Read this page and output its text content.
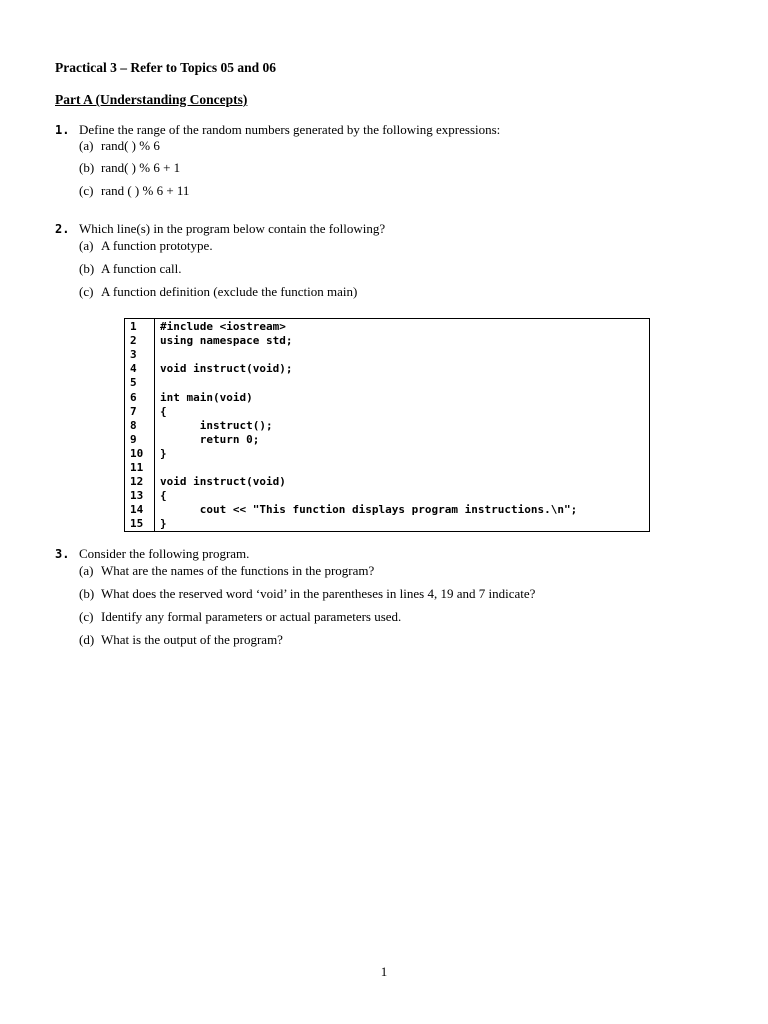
Practical 3 – Refer to Topics 05 and 06
Part A (Understanding Concepts)
1. Define the range of the random numbers generated by the following expressions:
(a) rand( ) % 6
(b) rand( ) % 6 + 1
(c) rand ( ) % 6 + 11
2. Which line(s) in the program below contain the following?
(a) A function prototype.
(b) A function call.
(c) A function definition (exclude the function main)
1 #include <iostream>
2 using namespace std;
3
4 void instruct(void);
5
6 int main(void)
7 {
8 instruct();
9 return 0;
10 }
11
12 void instruct(void)
13 {
14 cout << "This function displays program instructions.\n";
15 }
3. Consider the following program.
(a) What are the names of the functions in the program?
(b) What does the reserved word ‘void’ in the parentheses in lines 4, 19 and 7 indicate?
(c) Identify any formal parameters or actual parameters used.
(d) What is the output of the program?
1
